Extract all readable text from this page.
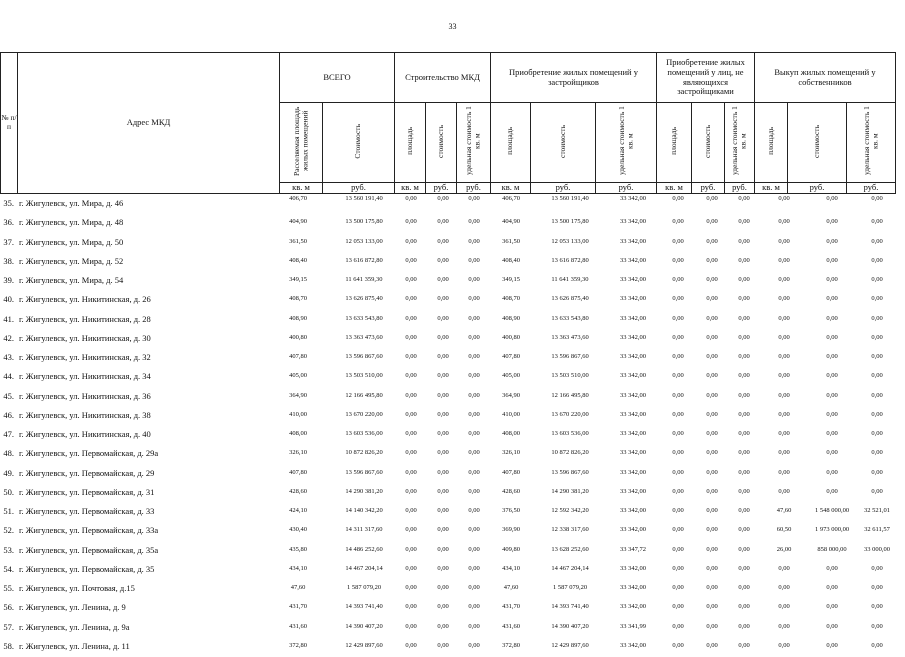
33
№ п/п	Адрес МКД	ВСЕГО		Строительство МКД			Приобретение жилых помещений у застройщиков			Приобретение жилых помещений у лиц, не являющихся застройщиками			Выкуп жилых помещений у собственников		
		Расселяемая площадь жилых помещений	Стоимость	площадь	стоимость	удельная стоимость 1 кв. м	площадь	стоимость	удельная стоимость 1 кв. м	площадь	стоимость	удельная стоимость 1 кв. м	площадь	стоимость	удельная стоимость 1 кв. м
		кв. м	руб.	кв. м	руб.	руб.	кв. м	руб.	руб.	кв. м	руб.	руб.	кв. м	руб.	руб.
35. г. Жигулевск, ул. Мира, д. 46	406,70	13 560 191,40	0,00	0,00	0,00	406,70	13 560 191,40	33 342,00	0,00	0,00	0,00	0,00	0,00	0,00
36. г. Жигулевск, ул. Мира, д. 48	404,90	13 500 175,80	0,00	0,00	0,00	404,90	13 500 175,80	33 342,00	0,00	0,00	0,00	0,00	0,00	0,00
37. г. Жигулевск, ул. Мира, д. 50	361,50	12 053 133,00	0,00	0,00	0,00	361,50	12 053 133,00	33 342,00	0,00	0,00	0,00	0,00	0,00	0,00
38. г. Жигулевск, ул. Мира, д. 52	408,40	13 616 872,80	0,00	0,00	0,00	408,40	13 616 872,80	33 342,00	0,00	0,00	0,00	0,00	0,00	0,00
39. г. Жигулевск, ул. Мира, д. 54	349,15	11 641 359,30	0,00	0,00	0,00	349,15	11 641 359,30	33 342,00	0,00	0,00	0,00	0,00	0,00	0,00
40. г. Жигулевск, ул. Никитинская, д. 26	408,70	13 626 875,40	0,00	0,00	0,00	408,70	13 626 875,40	33 342,00	0,00	0,00	0,00	0,00	0,00	0,00
41. г. Жигулевск, ул. Никитинская, д. 28	408,90	13 633 543,80	0,00	0,00	0,00	408,90	13 633 543,80	33 342,00	0,00	0,00	0,00	0,00	0,00	0,00
42. г. Жигулевск, ул. Никитинская, д. 30	400,80	13 363 473,60	0,00	0,00	0,00	400,80	13 363 473,60	33 342,00	0,00	0,00	0,00	0,00	0,00	0,00
43. г. Жигулевск, ул. Никитинская, д. 32	407,80	13 596 867,60	0,00	0,00	0,00	407,80	13 596 867,60	33 342,00	0,00	0,00	0,00	0,00	0,00	0,00
44. г. Жигулевск, ул. Никитинская, д. 34	405,00	13 503 510,00	0,00	0,00	0,00	405,00	13 503 510,00	33 342,00	0,00	0,00	0,00	0,00	0,00	0,00
45. г. Жигулевск, ул. Никитинская, д. 36	364,90	12 166 495,80	0,00	0,00	0,00	364,90	12 166 495,80	33 342,00	0,00	0,00	0,00	0,00	0,00	0,00
46. г. Жигулевск, ул. Никитинская, д. 38	410,00	13 670 220,00	0,00	0,00	0,00	410,00	13 670 220,00	33 342,00	0,00	0,00	0,00	0,00	0,00	0,00
47. г. Жигулевск, ул. Никитинская, д. 40	408,00	13 603 536,00	0,00	0,00	0,00	408,00	13 603 536,00	33 342,00	0,00	0,00	0,00	0,00	0,00	0,00
48. г. Жигулевск, ул. Первомайская, д. 29а	326,10	10 872 826,20	0,00	0,00	0,00	326,10	10 872 826,20	33 342,00	0,00	0,00	0,00	0,00	0,00	0,00
49. г. Жигулевск, ул. Первомайская, д. 29	407,80	13 596 867,60	0,00	0,00	0,00	407,80	13 596 867,60	33 342,00	0,00	0,00	0,00	0,00	0,00	0,00
50. г. Жигулевск, ул. Первомайская, д. 31	428,60	14 290 381,20	0,00	0,00	0,00	428,60	14 290 381,20	33 342,00	0,00	0,00	0,00	0,00	0,00	0,00
51. г. Жигулевск, ул. Первомайская, д. 33	424,10	14 140 342,20	0,00	0,00	0,00	376,50	12 592 342,20	33 342,00	0,00	0,00	0,00	47,60	1 548 000,00	32 521,01
52. г. Жигулевск, ул. Первомайская, д. 33а	430,40	14 311 317,60	0,00	0,00	0,00	369,90	12 338 317,60	33 342,00	0,00	0,00	0,00	60,50	1 973 000,00	32 611,57
53. г. Жигулевск, ул. Первомайская, д. 35а	435,80	14 486 252,60	0,00	0,00	0,00	409,80	13 628 252,60	33 347,72	0,00	0,00	0,00	26,00	858 000,00	33 000,00
54. г. Жигулевск, ул. Первомайская, д. 35	434,10	14 467 204,14	0,00	0,00	0,00	434,10	14 467 204,14	33 342,00	0,00	0,00	0,00	0,00	0,00	0,00
55. г. Жигулевск, ул. Почтовая, д.15	47,60	1 587 079,20	0,00	0,00	0,00	47,60	1 587 079,20	33 342,00	0,00	0,00	0,00	0,00	0,00	0,00
56. г. Жигулевск, ул. Ленина, д. 9	431,70	14 393 741,40	0,00	0,00	0,00	431,70	14 393 741,40	33 342,00	0,00	0,00	0,00	0,00	0,00	0,00
57. г. Жигулевск, ул. Ленина, д. 9а	431,60	14 390 407,20	0,00	0,00	0,00	431,60	14 390 407,20	33 341,99	0,00	0,00	0,00	0,00	0,00	0,00
58. г. Жигулевск, ул. Ленина, д. 11	372,80	12 429 897,60	0,00	0,00	0,00	372,80	12 429 897,60	33 342,00	0,00	0,00	0,00	0,00	0,00	0,00
